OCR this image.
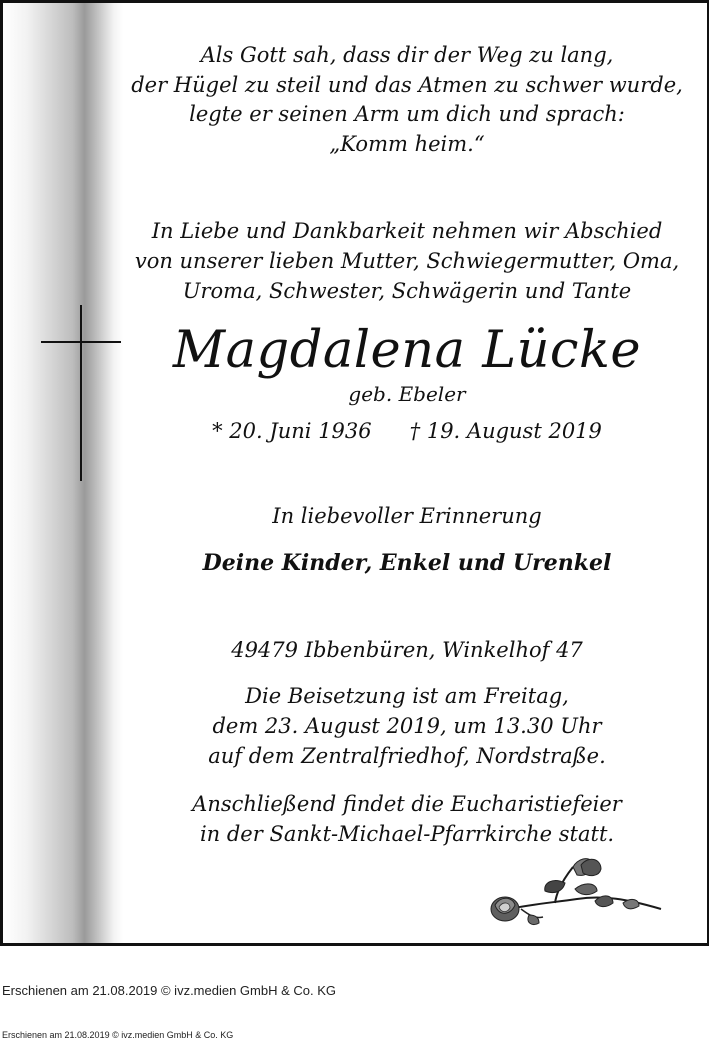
Als Gott sah, dass dir der Weg zu lang,
der Hügel zu steil und das Atmen zu schwer wurde,
legte er seinen Arm um dich und sprach:
„Komm heim.“
In Liebe und Dankbarkeit nehmen wir Abschied
von unserer lieben Mutter, Schwiegermutter, Oma,
Uroma, Schwester, Schwägerin und Tante
Magdalena Lücke
geb. Ebeler
* 20. Juni 1936 † 19. August 2019
In liebevoller Erinnerung
Deine Kinder, Enkel und Urenkel
49479 Ibbenbüren, Winkelhof 47
Die Beisetzung ist am Freitag,
dem 23. August 2019, um 13.30 Uhr
auf dem Zentralfriedhof, Nordstraße.
Anschließend findet die Eucharistiefeier
in der Sankt-Michael-Pfarrkirche statt.
Erschienen am 21.08.2019 © ivz.medien GmbH & Co. KG
Erschienen am 21.08.2019 © ivz.medien GmbH & Co. KG
